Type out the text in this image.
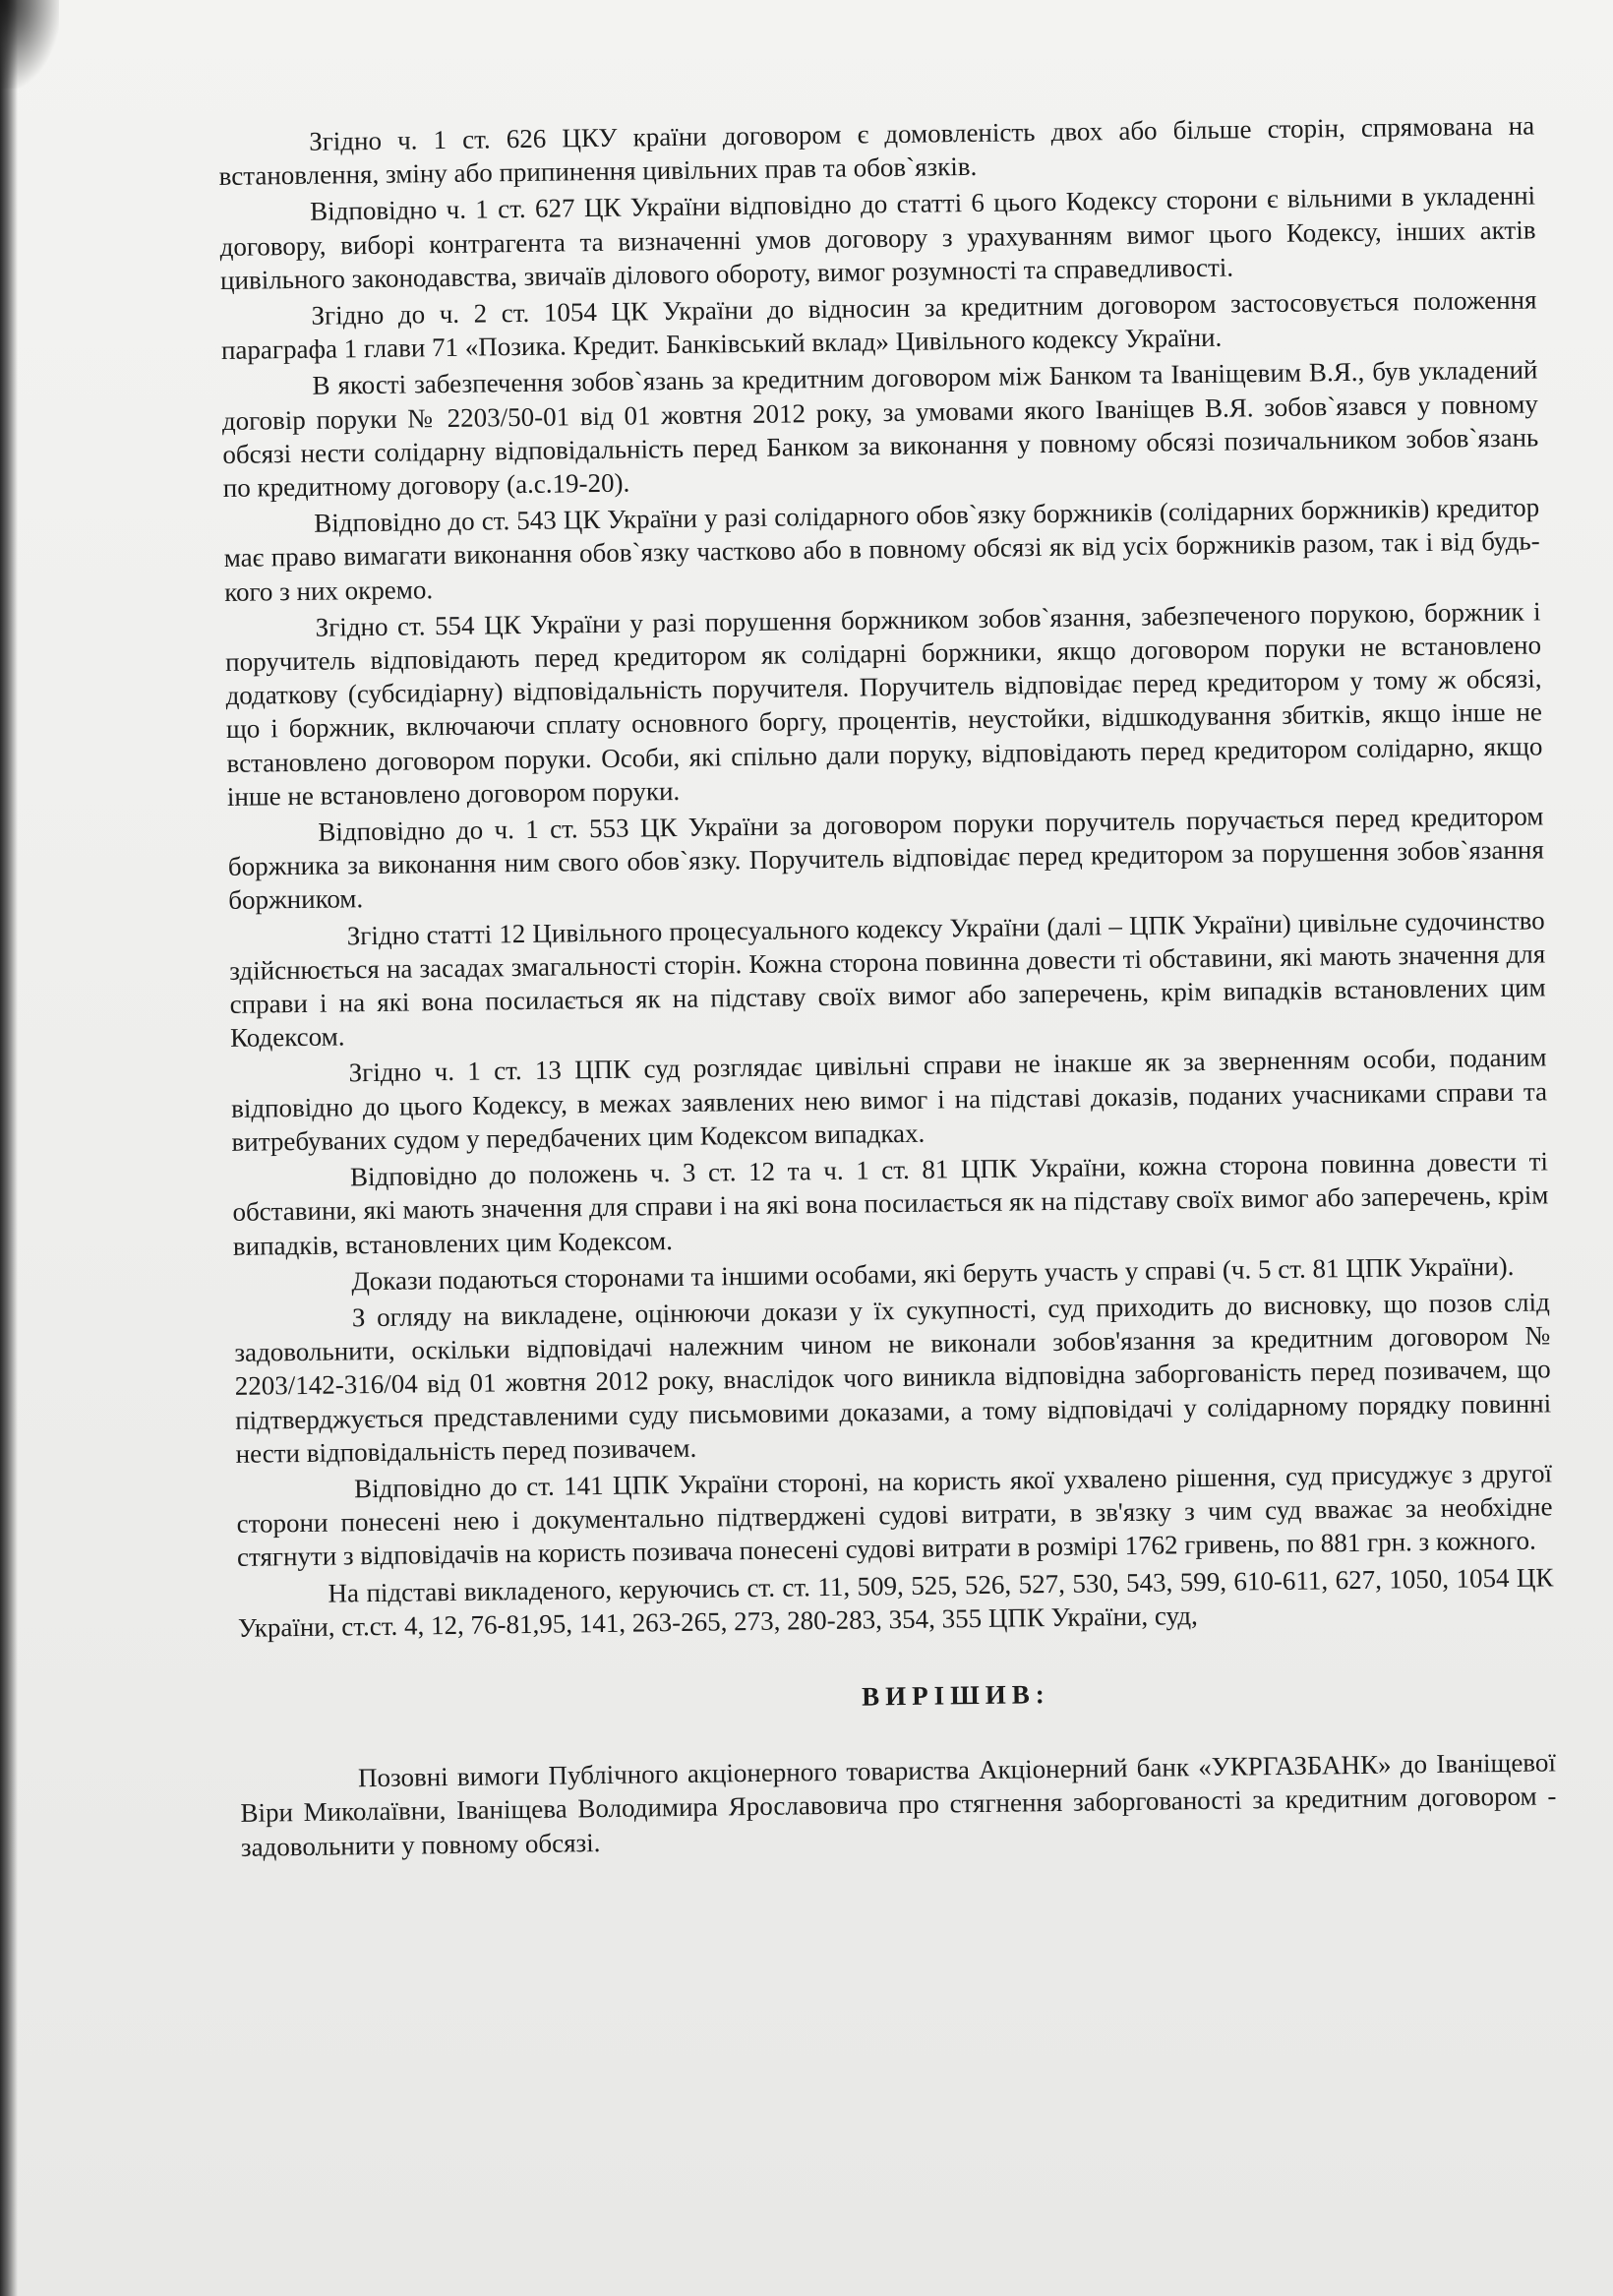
Згідно ч. 1 ст. 626 ЦКУ країни договором є домовленість двох або більше сторін, спрямована на встановлення, зміну або припинення цивільних прав та обов`язків.

Відповідно ч. 1 ст. 627 ЦК України відповідно до статті 6 цього Кодексу сторони є вільними в укладенні договору, виборі контрагента та визначенні умов договору з урахуванням вимог цього Кодексу, інших актів цивільного законодавства, звичаїв ділового обороту, вимог розумності та справедливості.

Згідно до ч. 2 ст. 1054 ЦК України до відносин за кредитним договором застосовується положення параграфа 1 глави 71 «Позика. Кредит. Банківський вклад» Цивільного кодексу України.

В якості забезпечення зобов`язань за кредитним договором між Банком та Іваніщевим В.Я., був укладений договір поруки № 2203/50-01 від 01 жовтня 2012 року, за умовами якого Іваніщев В.Я. зобов`язався у повному обсязі нести солідарну відповідальність перед Банком за виконання у повному обсязі позичальником зобов`язань по кредитному договору (а.с.19-20).

Відповідно до ст. 543 ЦК України у разі солідарного обов`язку боржників (солідарних боржників) кредитор має право вимагати виконання обов`язку частково або в повному обсязі як від усіх боржників разом, так і від будь-кого з них окремо.

Згідно ст. 554 ЦК України у разі порушення боржником зобов`язання, забезпеченого порукою, боржник і поручитель відповідають перед кредитором як солідарні боржники, якщо договором поруки не встановлено додаткову (субсидіарну) відповідальність поручителя. Поручитель відповідає перед кредитором у тому ж обсязі, що і боржник, включаючи сплату основного боргу, процентів, неустойки, відшкодування збитків, якщо інше не встановлено договором поруки. Особи, які спільно дали поруку, відповідають перед кредитором солідарно, якщо інше не встановлено договором поруки.

Відповідно до ч. 1 ст. 553 ЦК України за договором поруки поручитель поручається перед кредитором боржника за виконання ним свого обов`язку. Поручитель відповідає перед кредитором за порушення зобов`язання боржником.

Згідно статті 12 Цивільного процесуального кодексу України (далі – ЦПК України) цивільне судочинство здійснюється на засадах змагальності сторін. Кожна сторона повинна довести ті обставини, які мають значення для справи і на які вона посилається як на підставу своїх вимог або заперечень, крім випадків встановлених цим Кодексом.

Згідно ч. 1 ст. 13 ЦПК суд розглядає цивільні справи не інакше як за зверненням особи, поданим відповідно до цього Кодексу, в межах заявлених нею вимог і на підставі доказів, поданих учасниками справи та витребуваних судом у передбачених цим Кодексом випадках.

Відповідно до положень ч. 3 ст. 12 та ч. 1 ст. 81 ЦПК України, кожна сторона повинна довести ті обставини, які мають значення для справи і на які вона посилається як на підставу своїх вимог або заперечень, крім випадків, встановлених цим Кодексом.

Докази подаються сторонами та іншими особами, які беруть участь у справі (ч. 5 ст. 81 ЦПК України).

З огляду на викладене, оцінюючи докази у їх сукупності, суд приходить до висновку, що позов слід задовольнити, оскільки відповідачі належним чином не виконали зобов'язання за кредитним договором № 2203/142-316/04 від 01 жовтня 2012 року, внаслідок чого виникла відповідна заборгованість перед позивачем, що підтверджується представленими суду письмовими доказами, а тому відповідачі у солідарному порядку повинні нести відповідальність перед позивачем.

Відповідно до ст. 141 ЦПК України стороні, на користь якої ухвалено рішення, суд присуджує з другої сторони понесені нею і документально підтверджені судові витрати, в зв'язку з чим суд вважає за необхідне стягнути з відповідачів на користь позивача понесені судові витрати в розмірі 1762 гривень, по 881 грн. з кожного.

На підставі викладеного, керуючись ст. ст. 11, 509, 525, 526, 527, 530, 543, 599, 610-611, 627, 1050, 1054 ЦК України, ст.ст. 4, 12, 76-81,95, 141, 263-265, 273, 280-283, 354, 355 ЦПК України, суд,

ВИРІШИВ:

Позовні вимоги Публічного акціонерного товариства Акціонерний банк «УКРГАЗБАНК» до Іваніщевої Віри Миколаївни, Іваніщева Володимира Ярославовича про стягнення заборгованості за кредитним договором - задовольнити у повному обсязі.
